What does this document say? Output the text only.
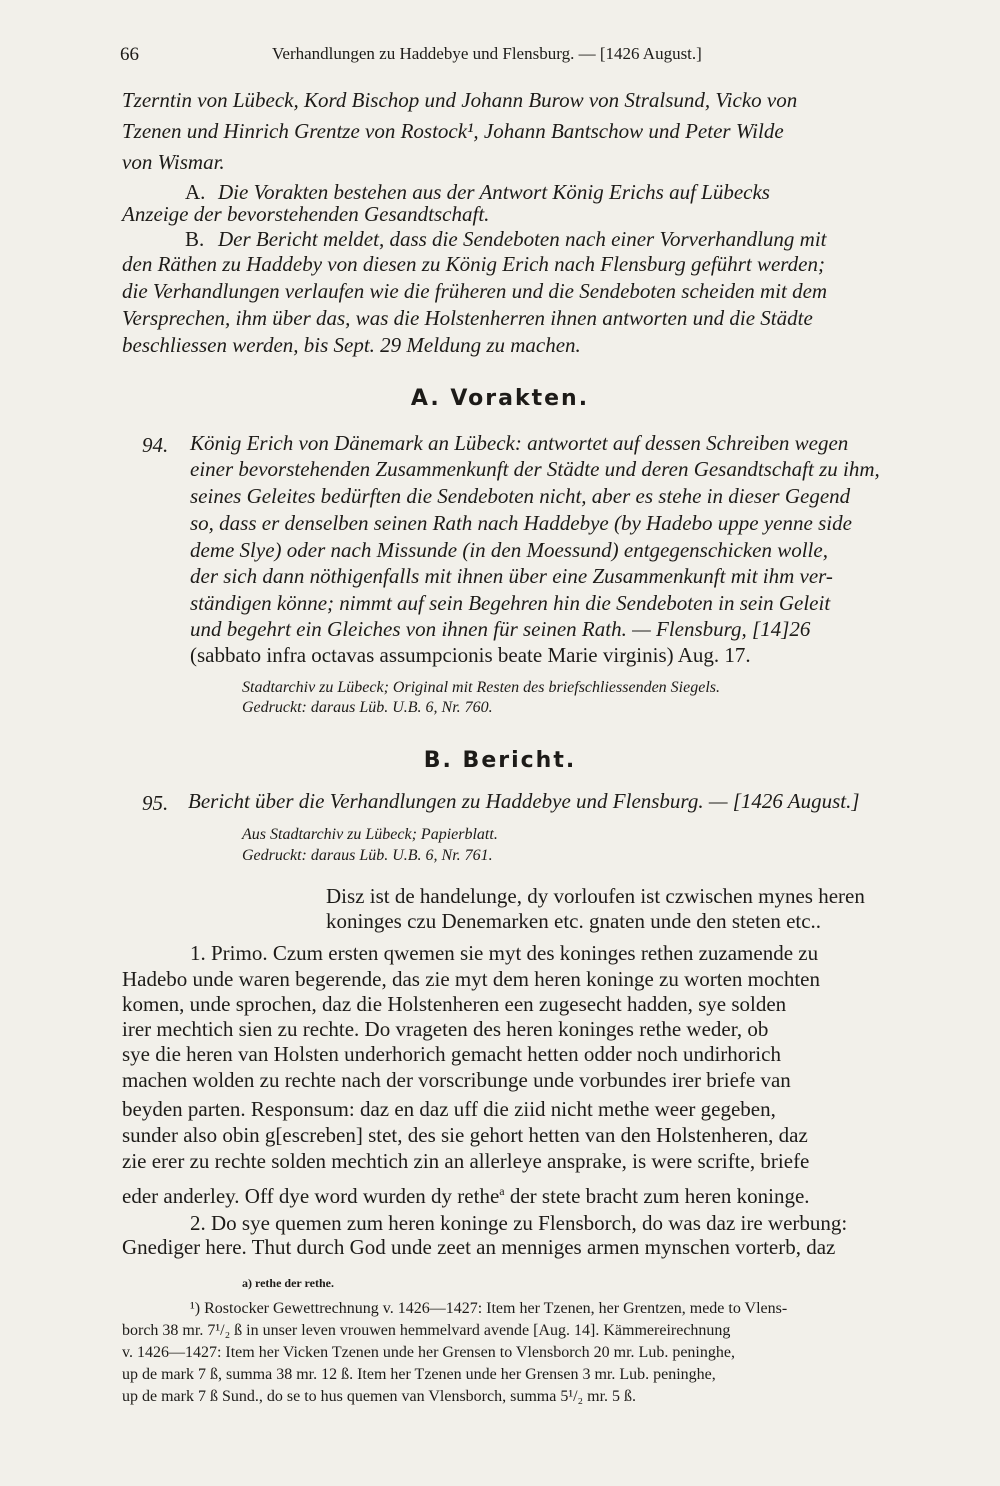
66	Verhandlungen zu Haddebye und Flensburg. — [1426 August.]
Tzerntin von Lübeck, Kord Bischop und Johann Burow von Stralsund, Vicko von
Tzenen und Hinrich Grentze von Rostock¹, Johann Bantschow und Peter Wilde
von Wismar.
A. Die Vorakten bestehen aus der Antwort König Erichs auf Lübecks
Anzeige der bevorstehenden Gesandtschaft.
B. Der Bericht meldet, dass die Sendeboten nach einer Vorverhandlung mit
den Räthen zu Haddeby von diesen zu König Erich nach Flensburg geführt werden;
die Verhandlungen verlaufen wie die früheren und die Sendeboten scheiden mit dem
Versprechen, ihm über das, was die Holstenherren ihnen antworten und die Städte
beschliessen werden, bis Sept. 29 Meldung zu machen.
A. Vorakten.
94. König Erich von Dänemark an Lübeck: antwortet auf dessen Schreiben wegen
einer bevorstehenden Zusammenkunft der Städte und deren Gesandtschaft zu ihm,
seines Geleites bedürften die Sendeboten nicht, aber es stehe in dieser Gegend
so, dass er denselben seinen Rath nach Haddebye (by Hadebo uppe yenne side
deme Slye) oder nach Missunde (in den Moessund) entgegenschicken wolle,
der sich dann nöthigenfalls mit ihnen über eine Zusammenkunft mit ihm ver-
ständigen könne; nimmt auf sein Begehren hin die Sendeboten in sein Geleit
und begehrt ein Gleiches von ihnen für seinen Rath. — Flensburg, [14]26
(sabbato infra octavas assumpcionis beate Marie virginis) Aug. 17.
Stadtarchiv zu Lübeck; Original mit Resten des briefschliessenden Siegels.
Gedruckt: daraus Lüb. U.B. 6, Nr. 760.
B. Bericht.
95. Bericht über die Verhandlungen zu Haddebye und Flensburg. — [1426 August.]
Aus Stadtarchiv zu Lübeck; Papierblatt.
Gedruckt: daraus Lüb. U.B. 6, Nr. 761.
Disz ist de handelunge, dy vorloufen ist czwischen mynes heren
koninges czu Denemarken etc. gnaten unde den steten etc..
1. Primo. Czum ersten qwemen sie myt des koninges rethen zuzamende zu
Hadebo unde waren begerende, das zie myt dem heren koninge zu worten mochten
komen, unde sprochen, daz die Holstenheren een zugesecht hadden, sye solden
irer mechtich sien zu rechte. Do vrageten des heren koninges rethe weder, ob
sye die heren van Holsten underhorich gemacht hetten odder noch undirhorich
machen wolden zu rechte nach der vorscribunge unde vorbundes irer briefe van
beyden parten. Responsum: daz en daz uff die ziid nicht methe weer gegeben,
sunder also obin g[escreben] stet, des sie gehort hetten van den Holstenheren, daz
zie erer zu rechte solden mechtich zin an allerleye ansprake, is were scrifte, briefe
eder anderley. Off dye word wurden dy rethe$^a$ der stete bracht zum heren koninge.
2. Do sye quemen zum heren koninge zu Flensborch, do was daz ire werbung:
Gnediger here. Thut durch God unde zeet an menniges armen mynschen vorterb, daz
a) rethe der rethe.
¹) Rostocker Gewettrechnung v. 1426—1427: Item her Tzenen, her Grentzen, mede to Vlens-
borch 38 mr. 7¹/₂ ß in unser leven vrouwen hemmelvard avende [Aug. 14]. Kämmereirechnung
v. 1426—1427: Item her Vicken Tzenen unde her Grensen to Vlensborch 20 mr. Lub. peninghe,
up de mark 7 ß, summa 38 mr. 12 ß. Item her Tzenen unde her Grensen 3 mr. Lub. peninghe,
up de mark 7 ß Sund., do se to hus quemen van Vlensborch, summa 5¹/₂ mr. 5 ß.
